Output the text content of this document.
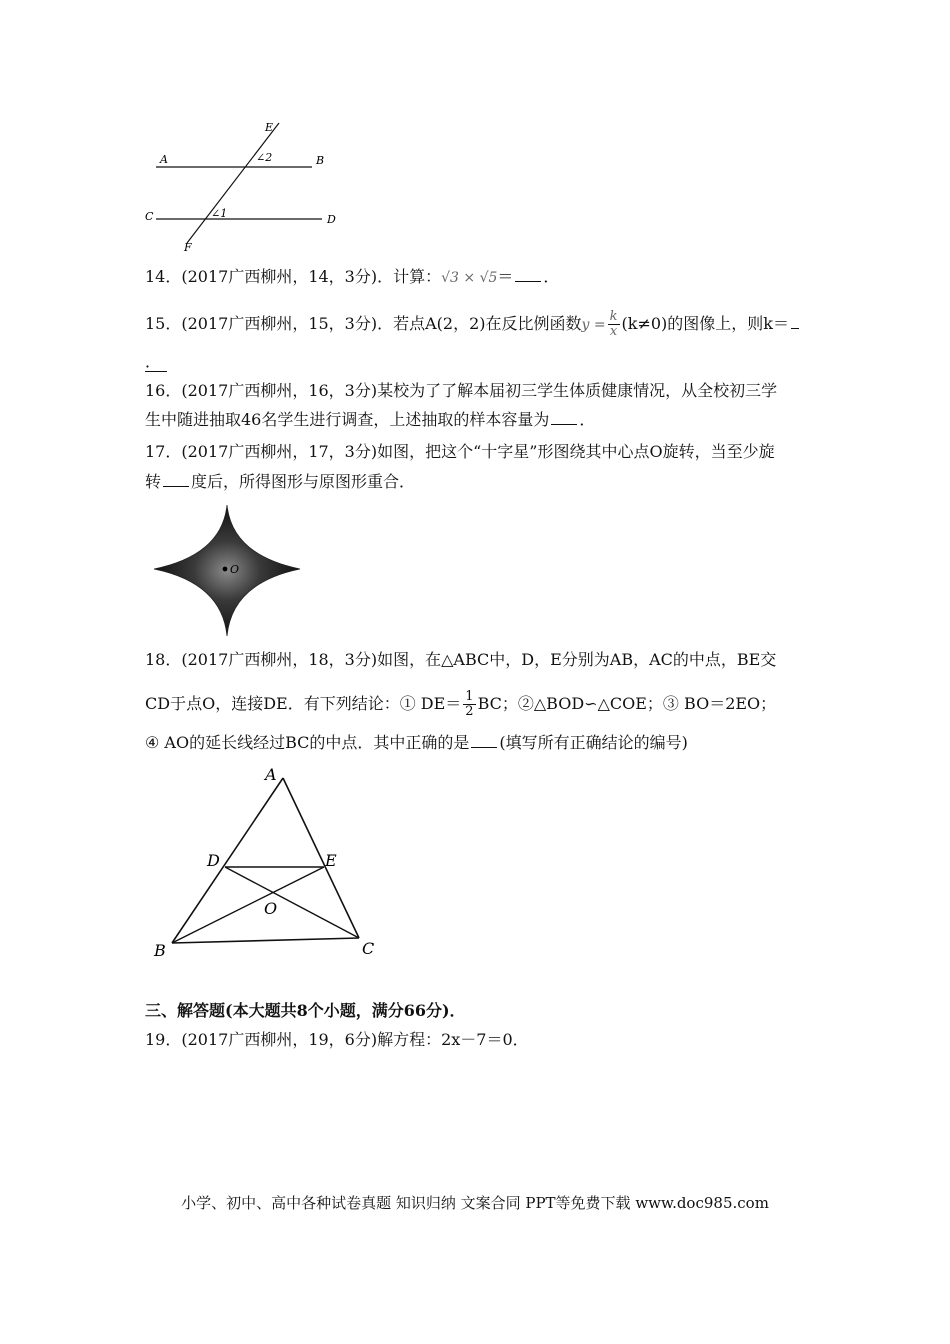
E
A	B
∠2
C	∠1	D
F
14．(2017广西柳州，14，3分)．计算：√3 × √5＝ ．
15．(2017广西柳州，15，3分)．若点A(2，2)在反比例函数$y = \frac{k}{x} (k\ne 0)$的图像上，则k＝
．
16．(2017广西柳州，16，3分)某校为了了解本届初三学生体质健康情况，从全校初三学
生中随进抽取46名学生进行调查，上述抽取的样本容量为 ．
17．(2017广西柳州，17，3分)如图，把这个“十字星”形图绕其中心点O旋转，当至少旋
转 度后，所得图形与原图形重合．
O
18．(2017广西柳州，18，3分)如图，在△ABC中，D，E分别为AB，AC的中点，BE交
CD于点O，连接DE．有下列结论：① $DE= \frac{1}{2}$ BC；②△BOD∽△COE；③ BO＝2EO；
④ AO的延长线经过BC的中点．其中正确的是 (填写所有正确结论的编号)
A
D	E
O
B	C
三、解答题(本大题共8个小题，满分66分)．
19．(2017广西柳州，19，6分)解方程：2x－7＝0．
小学、初中、高中各种试卷真题 知识归纳 文案合同 PPT等免费下载 www.doc985.com
